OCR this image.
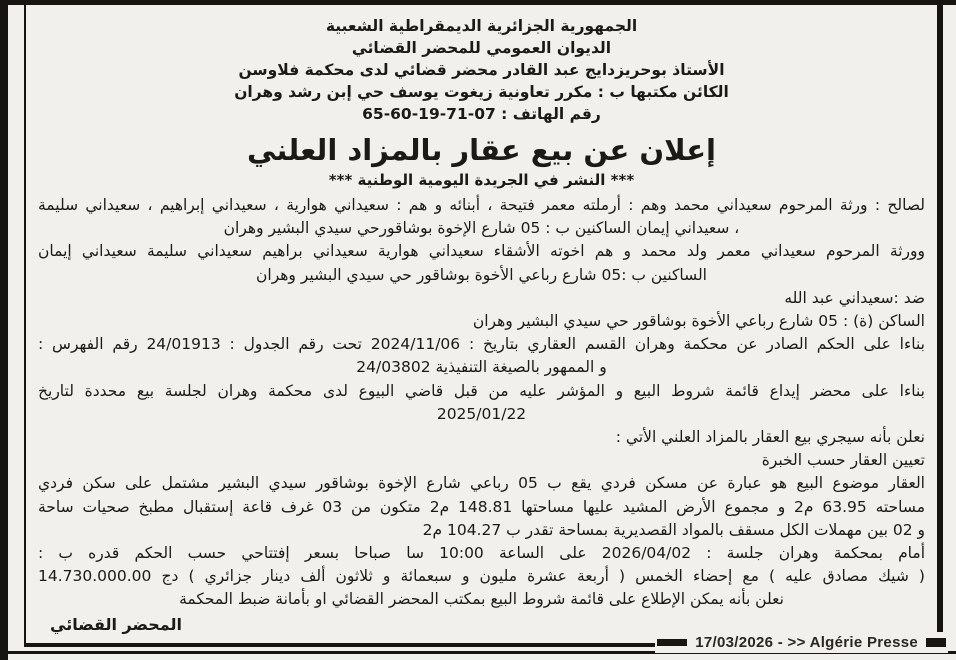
الجمهورية الجزائرية الديمقراطية الشعبية
الديوان العمومي للمحضر القضائي
الأستاذ بوحريزدايج عبد القادر محضر قضائي لدى محكمة فلاوسن
الكائن مكتبها ب : مكرر تعاونية زيغوت يوسف حي إبن رشد وهران
رقم الهاتف : 07-71-19-60-65
إعلان عن بيع عقار بالمزاد العلني
*** النشر في الجريدة اليومية الوطنية ***
لصالح : ورثة المرحوم سعيداني محمد وهم : أرملته معمر فتيحة ، أبنائه و هم : سعيداني هوارية ، سعيداني إبراهيم ، سعيداني سليمة
، سعيداني إيمان الساكنين ب : 05 شارع الإخوة بوشاقورحي سيدي البشير وهران
وورثة المرحوم سعيداني معمر ولد محمد و هم اخوته الأشقاء سعيداني هوارية سعيداني براهيم سعيداني سليمة سعيداني إيمان
الساكنين ب :05 شارع رباعي الأخوة بوشاقور حي سيدي البشير وهران
ضد :سعيداني عبد الله
الساكن (ة) : 05 شارع رباعي الأخوة بوشاقور حي سيدي البشير وهران
بناءا على الحكم الصادر عن محكمة وهران القسم العقاري بتاريخ : 2024/11/06 تحت رقم الجدول : 24/01913 رقم الفهرس :
24/03802 و الممهور بالصيغة التنفيذية
بناءا على محضر إيداع قائمة شروط البيع و المؤشر عليه من قبل قاضي البيوع لدى محكمة وهران لجلسة بيع محددة لتاريخ
2025/01/22
نعلن بأنه سيجري بيع العقار بالمزاد العلني الأتي :
تعيين العقار حسب الخبرة
العقار موضوع البيع هو عبارة عن مسكن فردي يقع ب 05 رباعي شارع الإخوة بوشاقور سيدي البشير مشتمل على سكن فردي
مساحته 63.95 م2 و مجموع الأرض المشيد عليها مساحتها 148.81 م2 متكون من 03 غرف قاعة إستقبال مطبخ صحيات ساحة
و 02 بين مهملات الكل مسقف بالمواد القصديرية بمساحة تقدر ب 104.27 م2
أمام بمحكمة وهران جلسة : 2026/04/02 على الساعة 10:00 سا صباحا بسعر إفتتاحي حسب الحكم قدره ب :
14.730.000.00 دج ( أربعة عشرة مليون و سبعمائة و ثلاثون ألف دينار جزائري ) مع إحضاء الخمس ( شيك مصادق عليه )
نعلن بأنه يمكن الإطلاع على قائمة شروط البيع بمكتب المحضر القضائي او بأمانة ضبط المحكمة
المحضر القضائي
17/03/2026 - >> Algérie Presse
